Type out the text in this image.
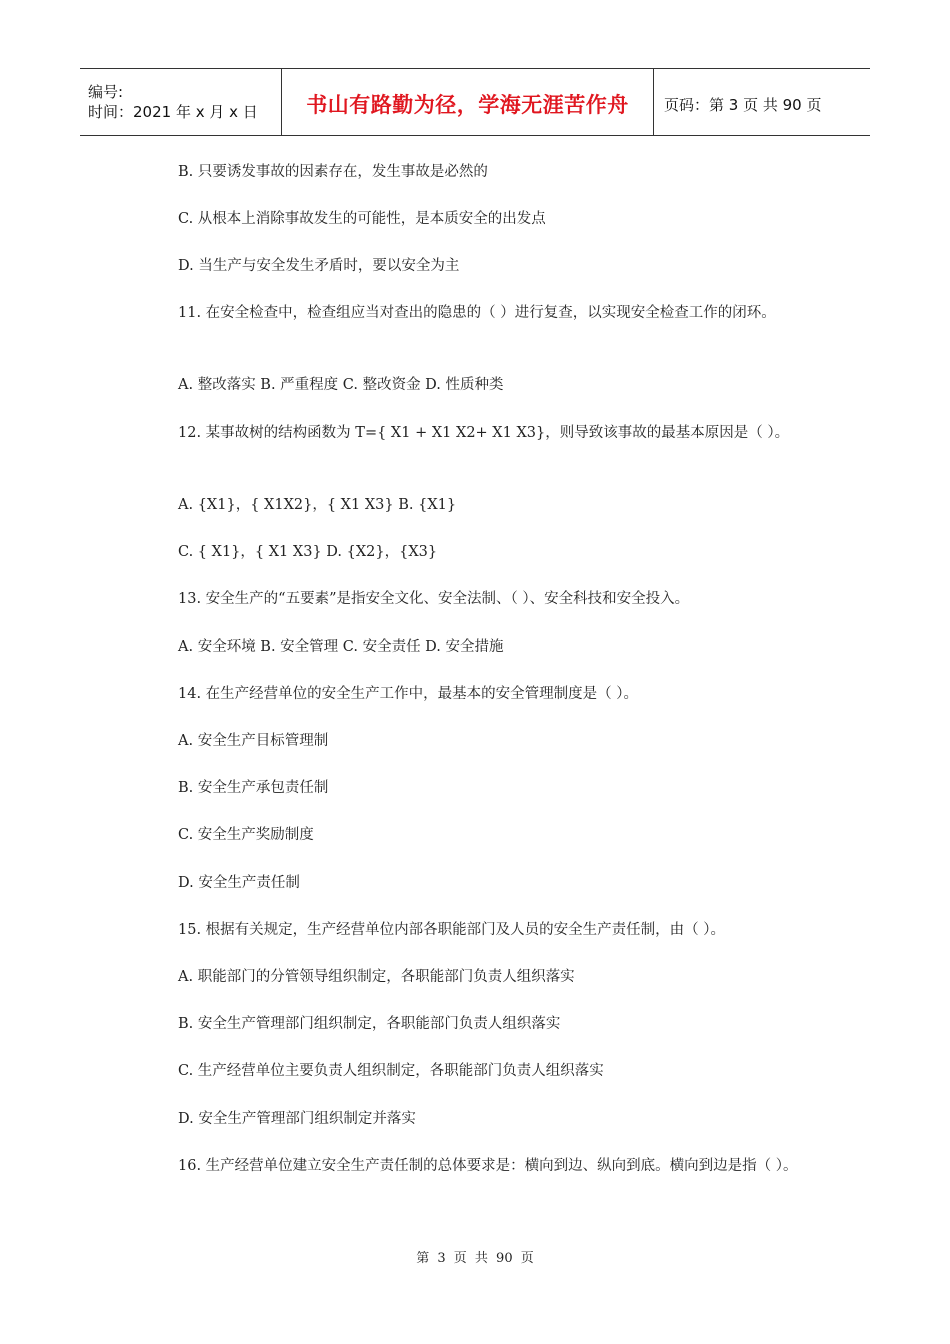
编号:
时间：2021 年 x 月 x 日	书山有路勤为径，学海无涯苦作舟	页码：第 3 页 共 90 页
B. 只要诱发事故的因素存在，发生事故是必然的
C. 从根本上消除事故发生的可能性，是本质安全的出发点
D. 当生产与安全发生矛盾时，要以安全为主
11. 在安全检查中，检查组应当对查出的隐患的（ ）进行复查，以实现安全检查工作的闭环。
A. 整改落实 B. 严重程度 C. 整改资金 D. 性质种类
12. 某事故树的结构函数为 T={ X1 + X1 X2+ X1 X3}，则导致该事故的最基本原因是（ ）。
A. {X1}，{ X1X2}，{ X1 X3} B. {X1}
C. { X1}，{ X1 X3} D. {X2}，{X3}
13. 安全生产的“五要素”是指安全文化、安全法制、（ ）、安全科技和安全投入。
A. 安全环境 B. 安全管理 C. 安全责任 D. 安全措施
14. 在生产经营单位的安全生产工作中，最基本的安全管理制度是（ ）。
A. 安全生产目标管理制
B. 安全生产承包责任制
C. 安全生产奖励制度
D. 安全生产责任制
15. 根据有关规定，生产经营单位内部各职能部门及人员的安全生产责任制，由（ ）。
A. 职能部门的分管领导组织制定，各职能部门负责人组织落实
B. 安全生产管理部门组织制定，各职能部门负责人组织落实
C. 生产经营单位主要负责人组织制定，各职能部门负责人组织落实
D. 安全生产管理部门组织制定并落实
16. 生产经营单位建立安全生产责任制的总体要求是：横向到边、纵向到底。横向到边是指（ ）。
第 3 页 共 90 页
